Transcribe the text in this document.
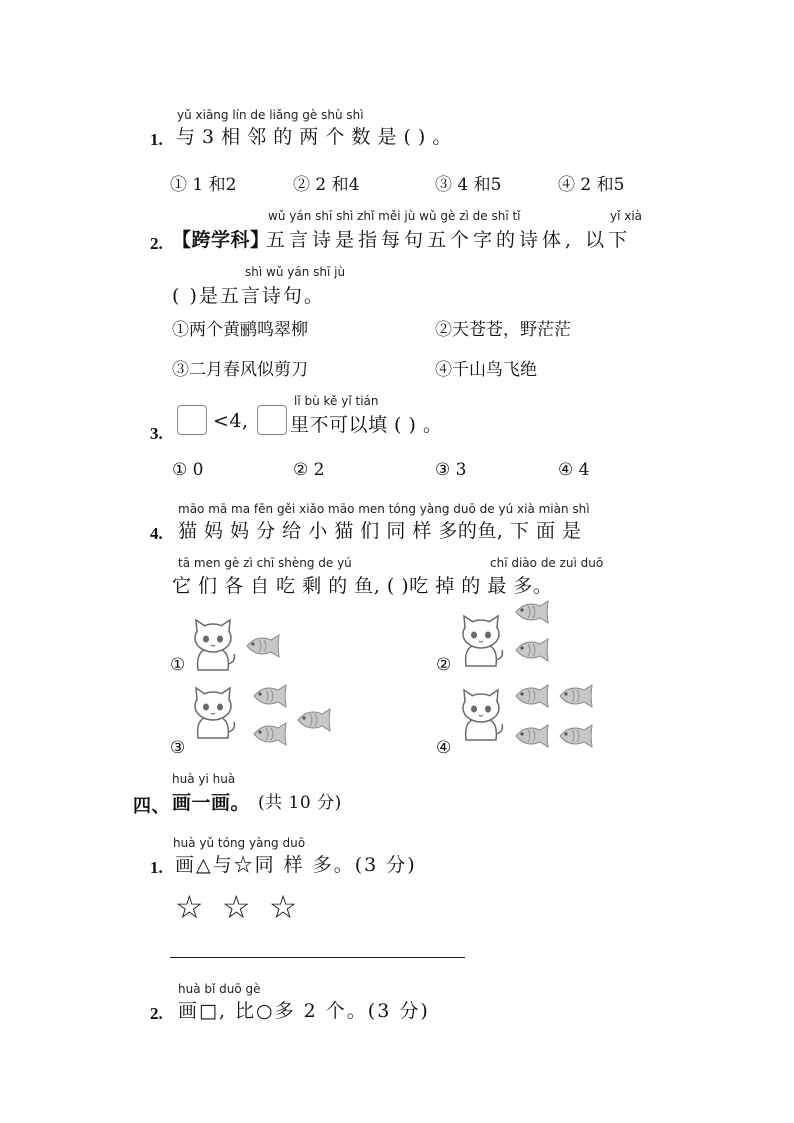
yǔ xiāng lín de liǎng gè shù shì
1. 与 3 相 邻 的 两 个 数 是 ( ) 。
① 1 和2	② 2 和4	③ 4 和5	④ 2 和5
wǔ yán shī shì zhǐ měi jù wǔ gè zì de shī tǐ	yǐ xià
2. 【跨学科】
五言诗是指每句五个字的诗体, 以下
shì wǔ yán shī jù
( )是五言诗句。
①两个黄鹂鸣翠柳	②天苍苍，野茫茫
③二月春风似剪刀	④千山鸟飞绝
lǐ bù kě yǐ tián
3.
<4, 里不可以填 ( ) 。
① 0	② 2	③ 3	④ 4
māo mā ma fēn gěi xiǎo māo men tóng yàng duō de yú xià miàn shì
4. 猫 妈 妈 分 给 小 猫 们 同 样 多的鱼, 下 面 是
tā men gè zì chī shèng de yú	chī diào de zuì duō
它 们 各 自 吃 剩 的 鱼, ( )吃 掉 的 最 多。
①	②
③	④
huà yi huà
四、 画一画。 (共 10 分)
huà yǔ tóng yàng duō
1. 画△与☆同 样 多。(3 分)
☆ ☆ ☆
huà bǐ duō gè
2. 画□, 比○多 2 个。(3 分)
